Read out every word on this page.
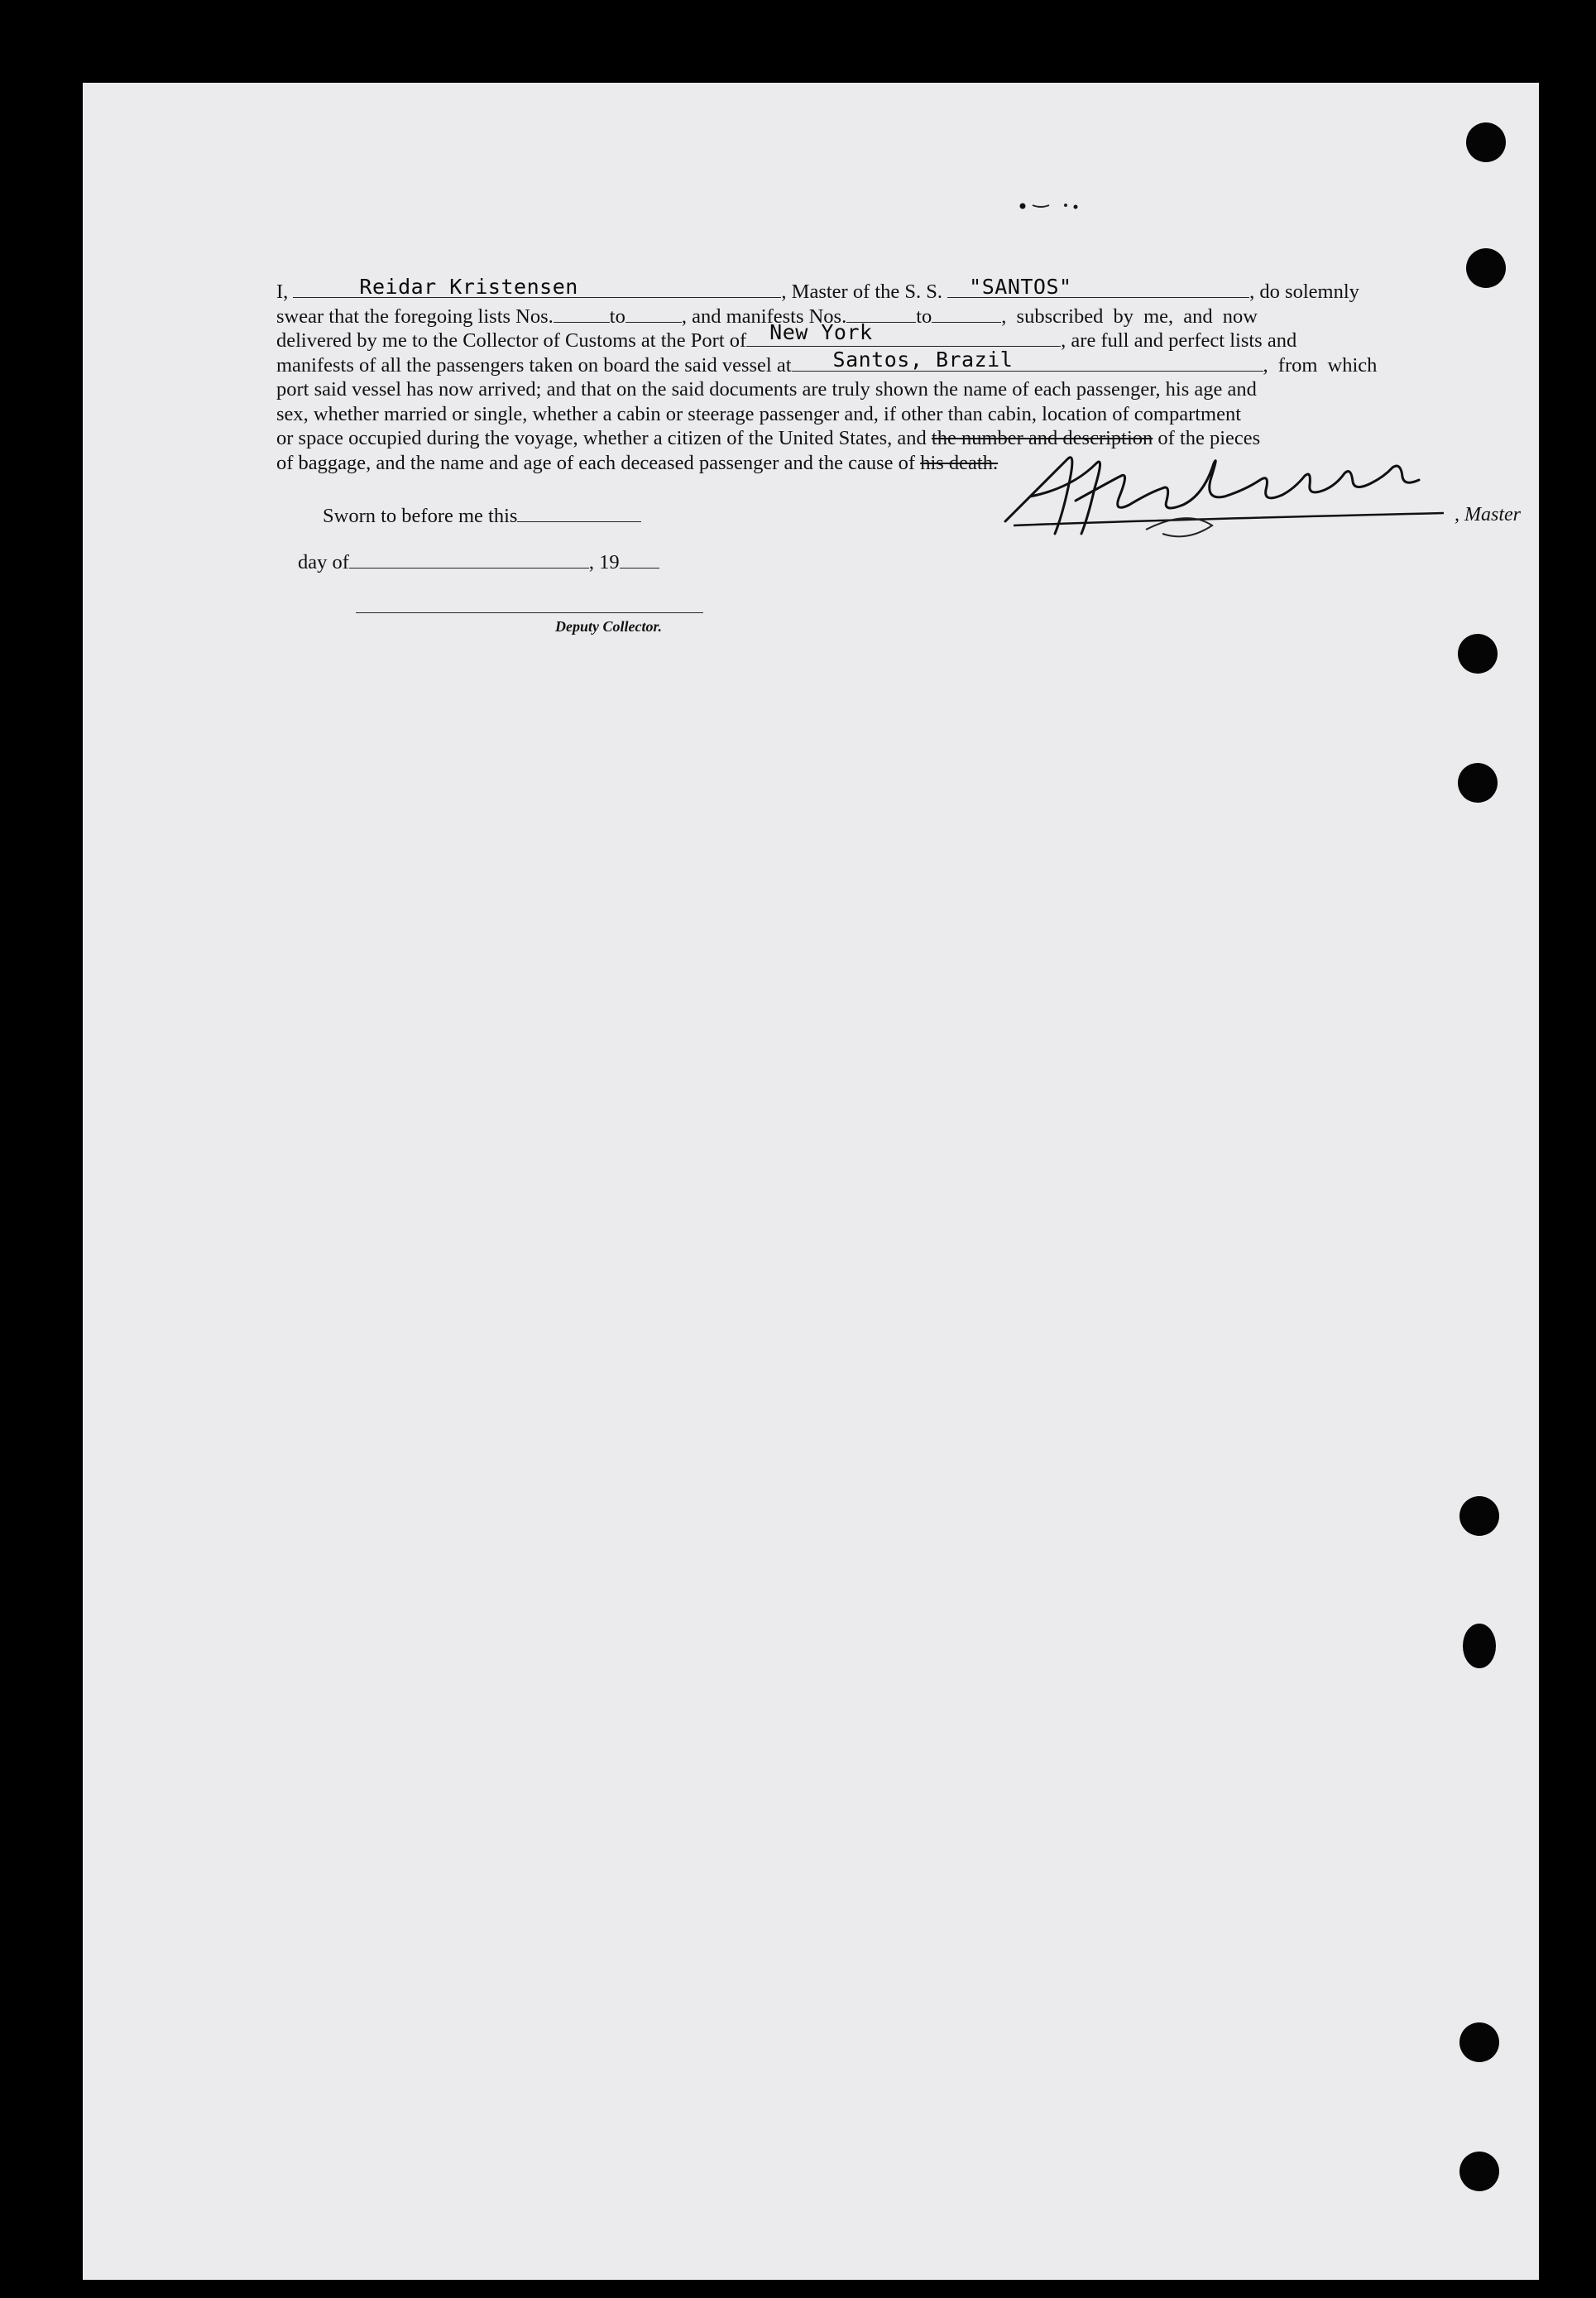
I,	Reidar Kristensen	, Master of the S. S. "SANTOS"	, do solemnly
swear that the foregoing lists Nos.	to	, and manifests Nos.	to	, subscribed by me, and now
delivered by me to the Collector of Customs at the Port of New York	, are full and perfect lists and
manifests of all the passengers taken on board the said vessel at Santos, Brazil	, from which
port said vessel has now arrived; and that on the said documents are truly shown the name of each passenger, his age and
sex, whether married or single, whether a cabin or steerage passenger and, if other than cabin, location of compartment
or space occupied during the voyage, whether a citizen of the United States, and the number and description of the pieces
of baggage, and the name and age of each deceased passenger and the cause of his death.
Sworn to before me this
day of	, 19
Deputy Collector.
, Master
